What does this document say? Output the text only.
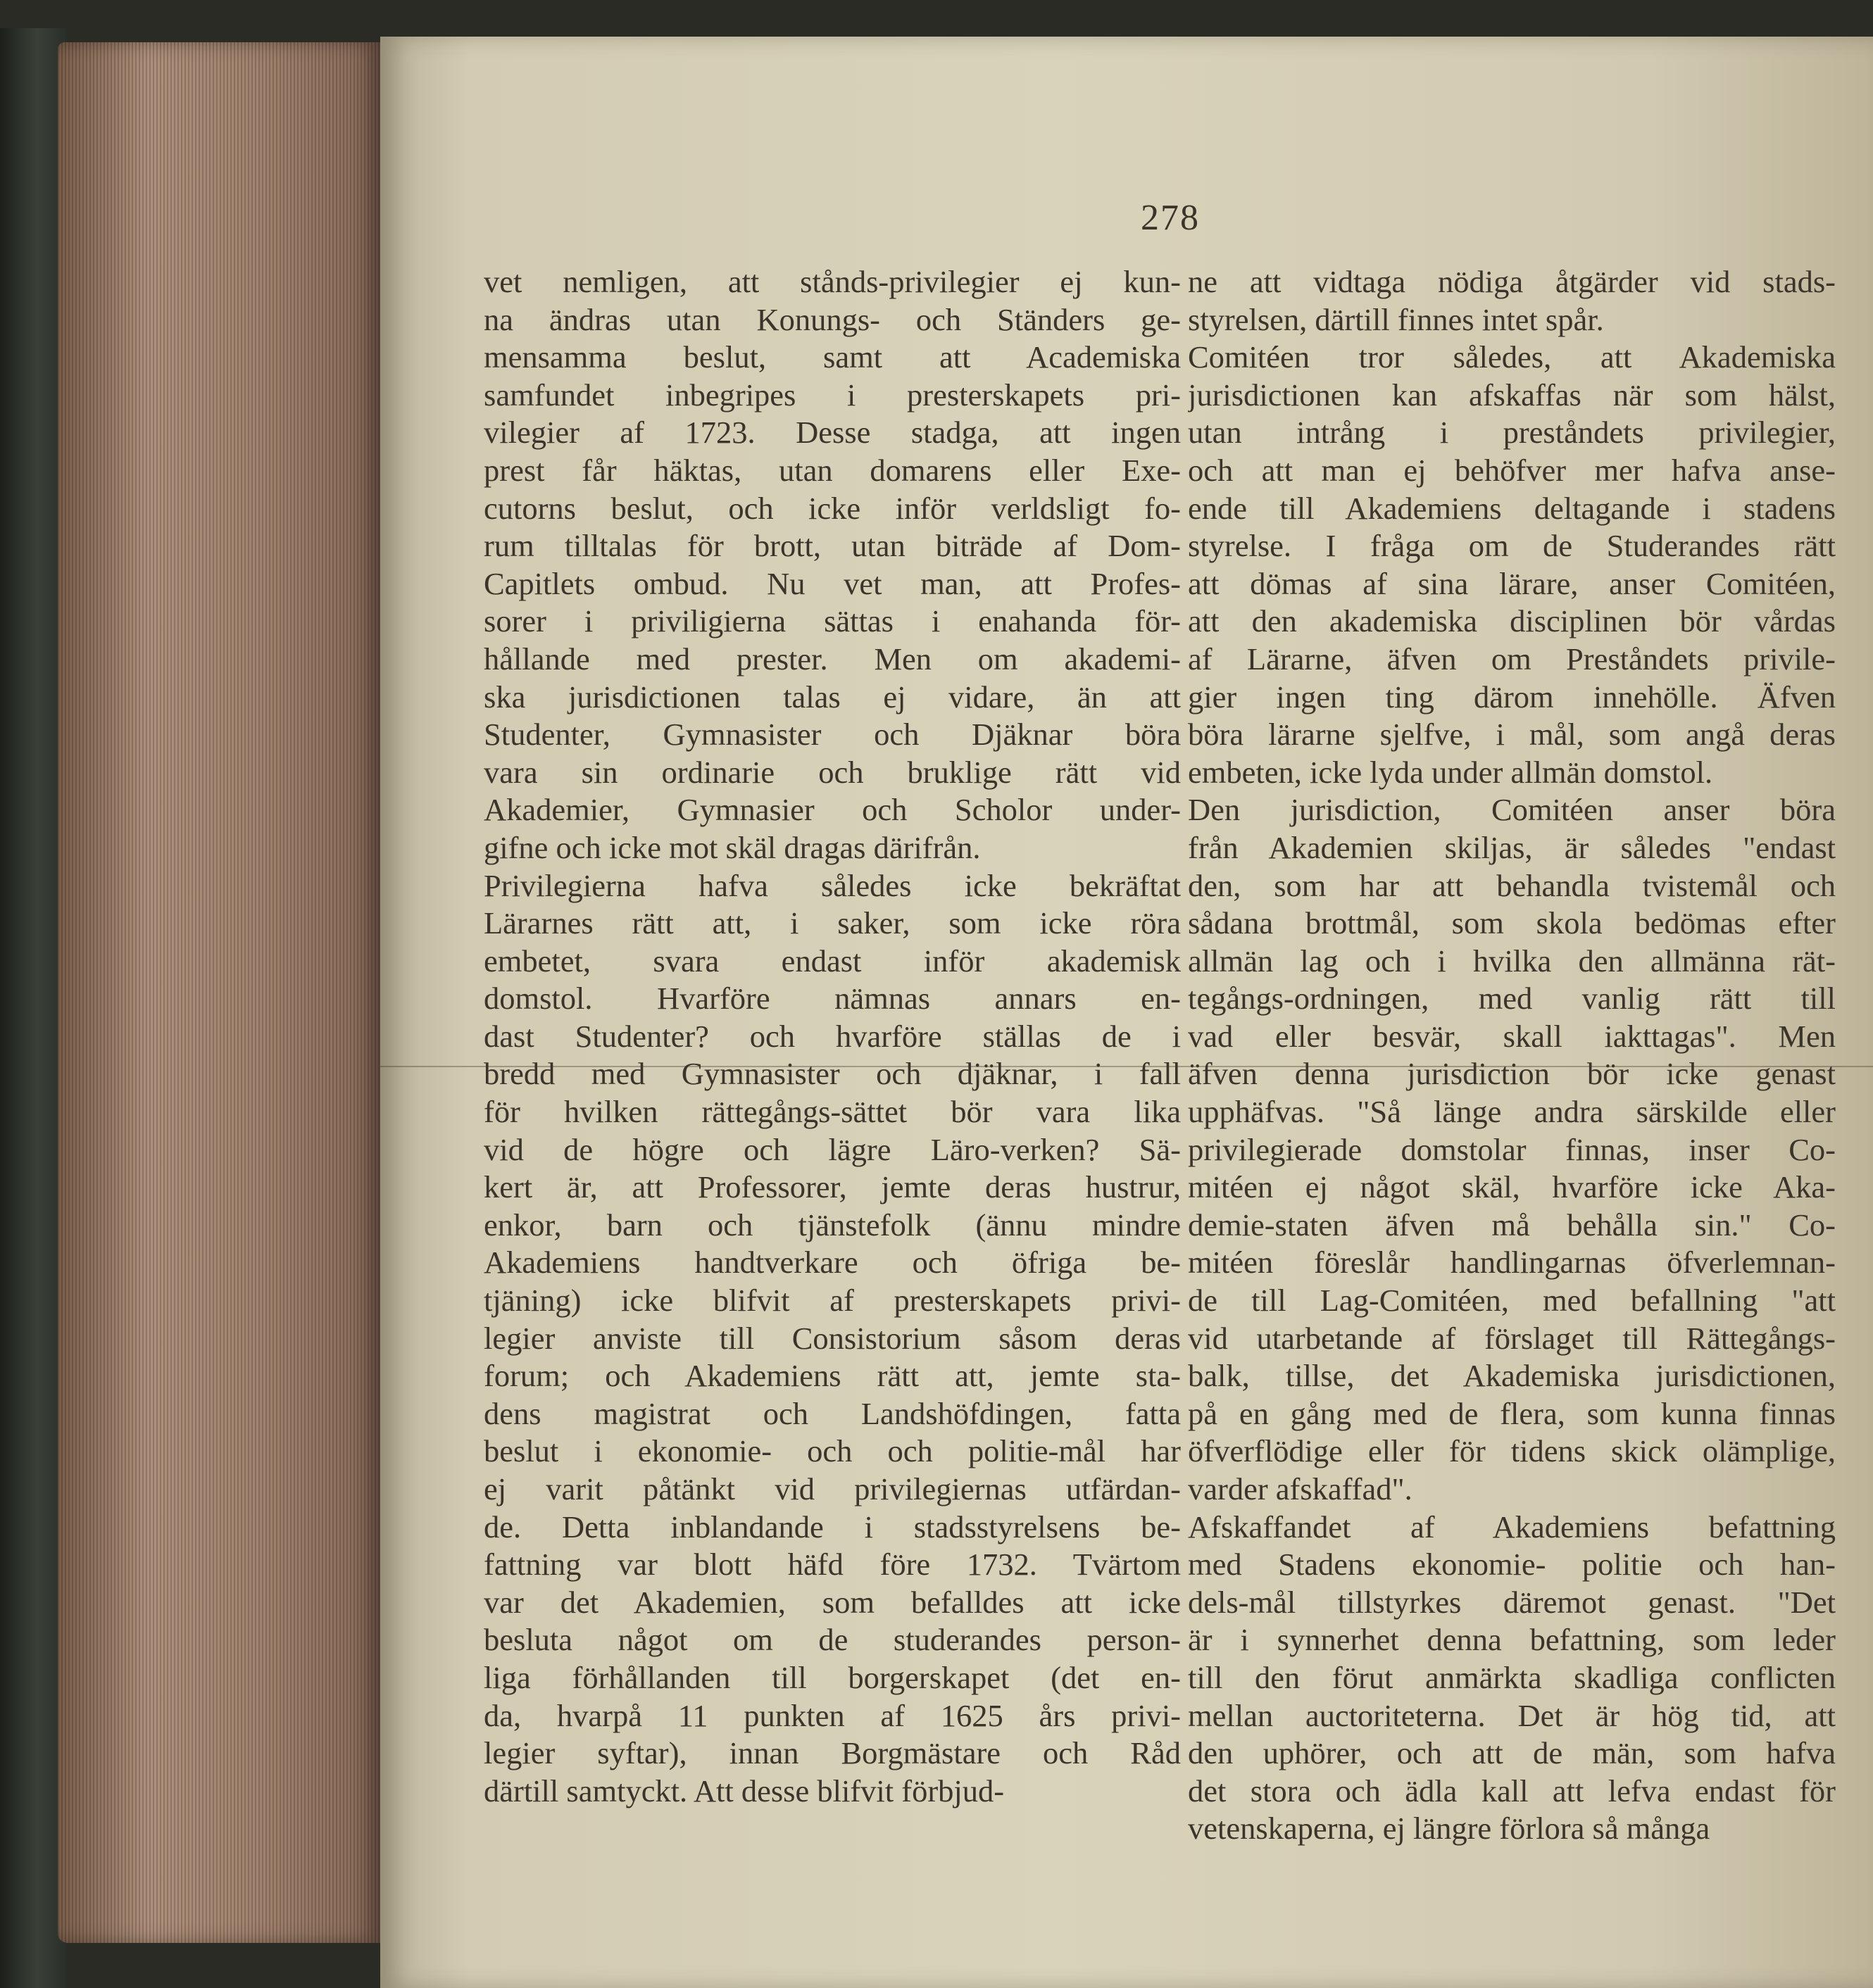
278

vet nemligen, att stånds-privilegier ej kun-
na ändras utan Konungs- och Ständers ge-
mensamma beslut, samt att Academiska
samfundet inbegripes i presterskapets pri-
vilegier af 1723. Desse stadga, att ingen
prest får häktas, utan domarens eller Exe-
cutorns beslut, och icke inför verldsligt fo-
rum tilltalas för brott, utan biträde af Dom-
Capitlets ombud. Nu vet man, att Profes-
sorer i priviligierna sättas i enahanda för-
hållande med prester. Men om akademi-
ska jurisdictionen talas ej vidare, än att
Studenter, Gymnasister och Djäknar böra
vara sin ordinarie och bruklige rätt vid
Akademier, Gymnasier och Scholor under-
gifne och icke mot skäl dragas därifrån.
Privilegierna hafva således icke bekräftat
Lärarnes rätt att, i saker, som icke röra
embetet, svara endast inför akademisk
domstol. Hvarföre nämnas annars en-
dast Studenter? och hvarföre ställas de i
bredd med Gymnasister och djäknar, i fall
för hvilken rättegångs-sättet bör vara lika
vid de högre och lägre Läro-verken? Sä-
kert är, att Professorer, jemte deras hustrur,
enkor, barn och tjänstefolk (ännu mindre
Akademiens handtverkare och öfriga be-
tjäning) icke blifvit af presterskapets privi-
legier anviste till Consistorium såsom deras
forum; och Akademiens rätt att, jemte sta-
dens magistrat och Landshöfdingen, fatta
beslut i ekonomie- och och politie-mål har
ej varit påtänkt vid privilegiernas utfärdan-
de. Detta inblandande i stadsstyrelsens be-
fattning var blott häfd före 1732. Tvärtom
var det Akademien, som befalldes att icke
besluta något om de studerandes person-
liga förhållanden till borgerskapet (det en-
da, hvarpå 11 punkten af 1625 års privi-
legier syftar), innan Borgmästare och Råd
därtill samtyckt. Att desse blifvit förbjud-
ne att vidtaga nödiga åtgärder vid stads-
styrelsen, därtill finnes intet spår.
Comitéen tror således, att Akademiska
jurisdictionen kan afskaffas när som hälst,
utan intrång i preståndets privilegier,
och att man ej behöfver mer hafva anse-
ende till Akademiens deltagande i stadens
styrelse. I fråga om de Studerandes rätt
att dömas af sina lärare, anser Comitéen,
att den akademiska disciplinen bör vårdas
af Lärarne, äfven om Preståndets privile-
gier ingen ting därom innehölle. Äfven
böra lärarne sjelfve, i mål, som angå deras
embeten, icke lyda under allmän domstol.
Den jurisdiction, Comitéen anser böra
från Akademien skiljas, är således "endast
den, som har att behandla tvistemål och
sådana brottmål, som skola bedömas efter
allmän lag och i hvilka den allmänna rät-
tegångs-ordningen, med vanlig rätt till
vad eller besvär, skall iakttagas". Men
äfven denna jurisdiction bör icke genast
upphäfvas. "Så länge andra särskilde eller
privilegierade domstolar finnas, inser Co-
mitéen ej något skäl, hvarföre icke Aka-
demie-staten äfven må behålla sin." Co-
mitéen föreslår handlingarnas öfverlemnan-
de till Lag-Comitéen, med befallning "att
vid utarbetande af förslaget till Rättegångs-
balk, tillse, det Akademiska jurisdictionen,
på en gång med de flera, som kunna finnas
öfverflödige eller för tidens skick olämplige,
varder afskaffad".
Afskaffandet af Akademiens befattning
med Stadens ekonomie- politie och han-
dels-mål tillstyrkes däremot genast. "Det
är i synnerhet denna befattning, som leder
till den förut anmärkta skadliga conflicten
mellan auctoriteterna. Det är hög tid, att
den uphörer, och att de män, som hafva
det stora och ädla kall att lefva endast för
vetenskaperna, ej längre förlora så många
